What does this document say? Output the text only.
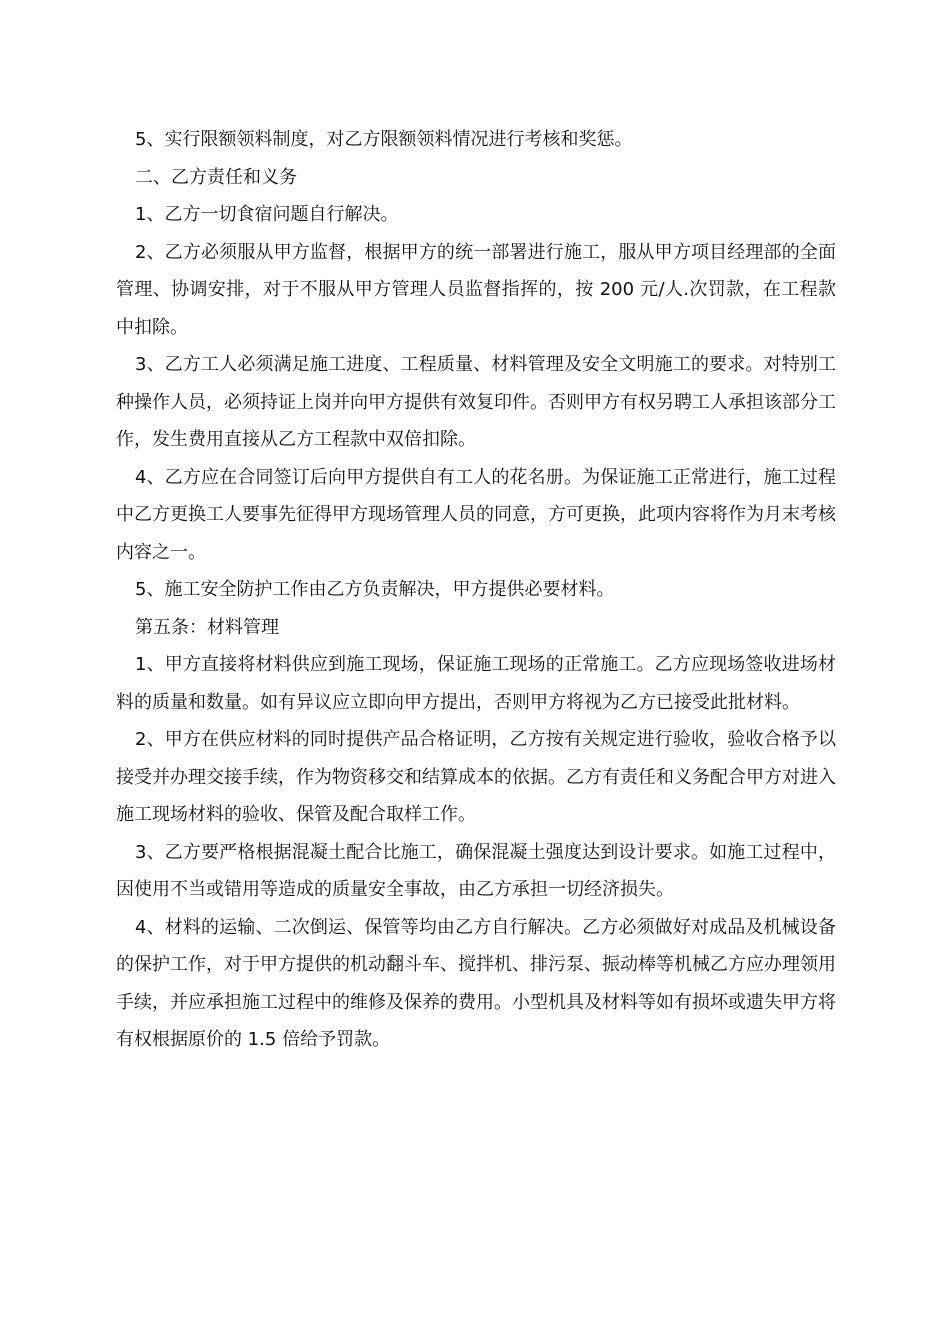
5、实行限额领料制度，对乙方限额领料情况进行考核和奖惩。

二、乙方责任和义务

1、乙方一切食宿问题自行解决。

2、乙方必须服从甲方监督，根据甲方的统一部署进行施工，服从甲方项目经理部的全面管理、协调安排，对于不服从甲方管理人员监督指挥的，按 200 元/人.次罚款，在工程款中扣除。

3、乙方工人必须满足施工进度、工程质量、材料管理及安全文明施工的要求。对特别工种操作人员，必须持证上岗并向甲方提供有效复印件。否则甲方有权另聘工人承担该部分工作，发生费用直接从乙方工程款中双倍扣除。

4、乙方应在合同签订后向甲方提供自有工人的花名册。为保证施工正常进行，施工过程中乙方更换工人要事先征得甲方现场管理人员的同意，方可更换，此项内容将作为月末考核内容之一。

5、施工安全防护工作由乙方负责解决，甲方提供必要材料。

第五条：材料管理

1、甲方直接将材料供应到施工现场，保证施工现场的正常施工。乙方应现场签收进场材料的质量和数量。如有异议应立即向甲方提出，否则甲方将视为乙方已接受此批材料。

2、甲方在供应材料的同时提供产品合格证明，乙方按有关规定进行验收，验收合格予以接受并办理交接手续，作为物资移交和结算成本的依据。乙方有责任和义务配合甲方对进入施工现场材料的验收、保管及配合取样工作。

3、乙方要严格根据混凝土配合比施工，确保混凝土强度达到设计要求。如施工过程中，因使用不当或错用等造成的质量安全事故，由乙方承担一切经济损失。

4、材料的运输、二次倒运、保管等均由乙方自行解决。乙方必须做好对成品及机械设备的保护工作，对于甲方提供的机动翻斗车、搅拌机、排污泵、振动棒等机械乙方应办理领用手续，并应承担施工过程中的维修及保养的费用。小型机具及材料等如有损坏或遗失甲方将有权根据原价的 1.5 倍给予罚款。
